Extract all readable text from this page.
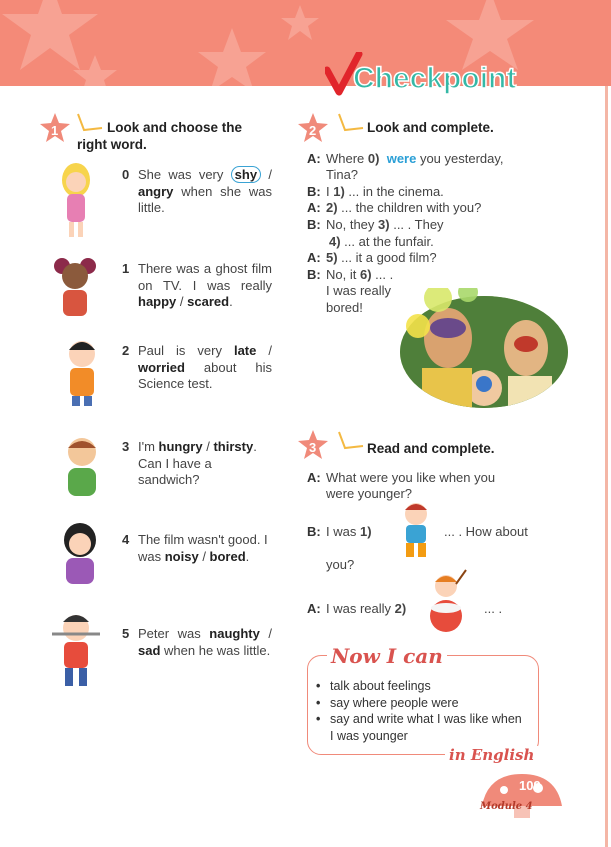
Checkpoint
1	2
3
Look and choose the right word.
Look and complete.
Read and complete.
0 She was very shy / angry when she was little.
1 There was a ghost film on TV. I was really happy / scared.
2 Paul is very late / worried about his Science test.
3 I'm hungry / thirsty. Can I have a sandwich?
4 The film wasn't good. I was noisy / bored.
5 Peter was naughty / sad when he was little.
A: Where 0) were you yesterday,
Tina?
B: I 1) ... in the cinema.
A: 2) ... the children with you?
B: No, they 3) ... . They
4) ... at the funfair.
A: 5) ... it a good film?
B: No, it 6) ... .
I was really
bored!
A: What were you like when you
were younger?
B: I was 1)	... . How about
you?
A: I was really 2)	... .
Now I can
• talk about feelings
• say where people were
• say and write what I was like when I was younger
in English
109
Module 4
